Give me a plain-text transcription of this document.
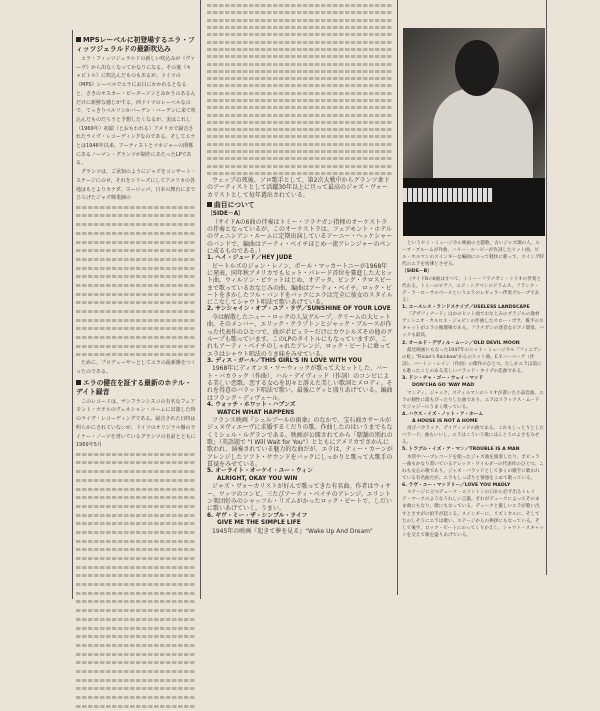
MPSレーベルに初登場するエラ・フィッツジェラルドの最新吹込み

エラ・フィッツジェラルドの新しい吹込みが《ヴァーヴ》から出なくなってかなりになる。その後《キャピトル》に吹込んだものもあるが、ドイツの《MPS》レーベルでエラにお目にかかれるとなると、さきのオスカー・ピーターソンとみかうのあるんだけに新鮮な感じがする。西ドイツのレーベルなので、てっきりベルリンかバーデン・バーデンに来て吹込んだものだろうと予想したくなるが、実はこれし（1969年）初頭（とおもわれる）アメリカで録音されたライヴ・レコーディングなのである。そしてエラとは1946年以来、アーティストとマネジャーの関係にあるノーマン・グランツが制作にあたったLPである。

グランツは、ご承知のようにジャズをコンサート・ステージにのせ、それをシリーズにしてアメリカの各地はもとよりカナダ、ヨーロッパ、日本の舞台にまでひろげたジャズ興業師の

ために、プロデューサーとしてエラの最新盤をつくったのである。

エラの健在を証する最新のホテル・デイト録音

このレコードは、サンフランシスコの有名なフェアモント・ホテルのヴェネシャン・ルームに出演した時のライヴ・レコーディングである。録音された日時は明らかにされていないが、ドイツのオリジナル盤のライナー・ノーツを書いているグランツの名前とともに1969年5月

ウェッブの死後、ソロ歌手として、第2次大戦中からグランツ傘下のアーティストとして活躍30年以上に亘って最高のジャズ・ヴォーカリストとして毎年選出されている。

曲目について
〔SIDE－A〕

（サイドAの6曲の伴奏はトミー・フラナガン指揮のオーケストラの伴奏となっているが、このオーケストラは、フェアモント・ホテルのヴェニシアン・ルームに定期出演しているアーニー・ヘッケシャーのバンドで、編曲はアーティ・ベイチほじめ一流アレンジャーのペンに成るものである。）

1. ヘイ・ジュード／HEY JUDE

ビートルズのジョン・レノン、ポール・マッカートニーが1968年に発表、同年秋アメリカでもヒット・パレード首位を驀進した大ヒット曲。ウィルソン・ピケットはじめ、オデッタ、ビング・クロスビーまで歌っているおなじみの曲。編曲はアーティ・ベイチ。ロック・ビートをきかしたフル・バンドをバックにエラは完全に彼女のスタイルにこなしてシャウト唱法で歌いあげている。

2. サンシャイン・オブ・ユア・ラヴ／SUNSHINE OF YOUR LOVE

今は解散したニュー・ロックの人気グループ、クリームの大ヒット曲。そのメンバー、エリック・クラプトンとジャック・ブルースが作った代表作のひとつで、曲がポピュラーだけにカウシルズその他のグループも歌っています。このLPのタイトルにもなっていますが、これもアーティ・ベイチのしゃれたアレンジ、ロック・ビートに乗ってエラはシャウト唱法のうま味をみせている。

3. ディス・ガール／THIS GIRL'S IN LOVE WITH YOU

1968年にディオンヌ・ワーウィックが歌って大ヒットした、バート・バカラック（作曲）、ハル・デイヴィッド（作詞）のコンビによる美しい恋歌。恋する女心を切々と訴えた美しい歌詞とメロディ。それを得意のバラッド唱法で歌い、最後にグッと盛りあげている。編曲はフランク・ディヴェール。

4. ウォッチ・ホワット・ハプンズ
WATCH WHAT HAPPENS

フランス映画『シェルブールの雨傘』のなかで、宝石商カサールがジュヌヴィエーヴに求婚するくだりの歌。作曲したのはいうまでもなくミシェル・ルグランである。映画が公開されてから「駅舗の別れの歌」（英語題で "I Will Wait for You"）とともにアメリカでさかんに歌われ、演奏されている魅力的な曲だが、エラは、ティー・カーンがアレンジしたソフト・サウンドをバックにしっかりと歌って大歌手の貫禄をみせている。

5. オーライト・オーケイ・ユー・ウィン
ALRIGHT, OKAY YOU WIN

ジャズ・ヴォーカリストが好んで歌ってきた有名曲。作者はウィサー、ワッツのコンビ。三たびアーティ・ベイチのアレンジ。エリントン楽団好みのシャッフル・リズムがかったロック・ビートで、しだいに歌いあげていく。うまい。

6. ギヴ・ミー・ザ・シンプル・ライフ
GIVE ME THE SIMPLE LIFE

1945年の映画『起きて夢を見る』"Wake Up And Dream"

というセミ・ミュージカル映画の主題歌。古いジャズ畑の人、ルーブ・ブルームが作曲、ハリー・ルービーが作詞したヒット曲。ビル・ホルマンのスインギーな編曲にのって軽快に歌って、スイング時代のエラを彷彿とさせる。

〔SIDE－B〕

（サイドBの6曲はすべて、トミー・フラナガン・トリオの伴奏と代わる。トミーのピアノ、エド・シグペンのドラムス、フランク・デ・ラ・ローサのベースというエラのレギュラー伴奏グループである）

1. ユースレス・ランドスケイプ／USELESS LANDSCAPE

『デザフィナード』はかのヒット曲でおなじみのブラジルの逸材アントニオ・カルロス・ジョビンの作曲したスロー・ボサ。後半のスキャットがエラの独壇場である。フラナガンの達者なピアノ間奏、バックも最高。

2. オールド・デヴィル・ムーン／OLD DEVIL MOON

最近映画にもなった1947年のヒット・ミュージカル『フィニアンの虹』"Finian's Rainbow"からのヒット曲。E.Y.ハーバーグ（作詞）、バートン・レイン（作曲）の傑作のひとつ。たしかエラは前にも歌ったことのある美しいバラッド・タイプの佳曲である。

3. ドン・チャ・ゴー・ウェイ・マッド
DON'CHA GO 'WAY MAD

マンディ、ジャック、スティルマンのトリオが書いた小品佳曲。エラの個性に最もぴったりした曲であり、エラはリラックス・ムードでジャジーにうまく歌っている。

4. ハウス・イズ・ノット・ア・ホーム
A HOUSE IS NOT A HOME

再びバカラック、デイヴィッドの曲である。これもしっとりとしたバラード。曲もいいし、エラはこういう歌にほんとうのよさをみせる。

5. トラブル・イズ・ア・マン／TROUBLE IS A MAN

木管やハープレコードを使ったジャズ曲を演奏したり、ポピュラー曲もかなり書いているアレック・ワイルダーの代表作のひとつ。これも女心の歌であり、ジャズ・バラッドとして多くの歌手に歌われている有名曲だが、エラもしっぽりと情感をこめて歌っている。

6. ラヴ・ユー・マッドリー／LOVE YOU MADLY

ステージに立つデューク・エリントンの口から必ず出るトレイド・マークのようなうれしい言葉。それがデュークによってそのまま曲にもなり、歌にもなっている。デュークと親しいエラが歌い出すとさすがに拍手が起こる。スインギーに、リズミカルに、そしてたのしそうにエラは歌い、ステージからの挨拶にもなっている。そして後半、ロック・ビートにのってくりかえし、シャウト・スキャットを交えて歌を盛りあげている。
